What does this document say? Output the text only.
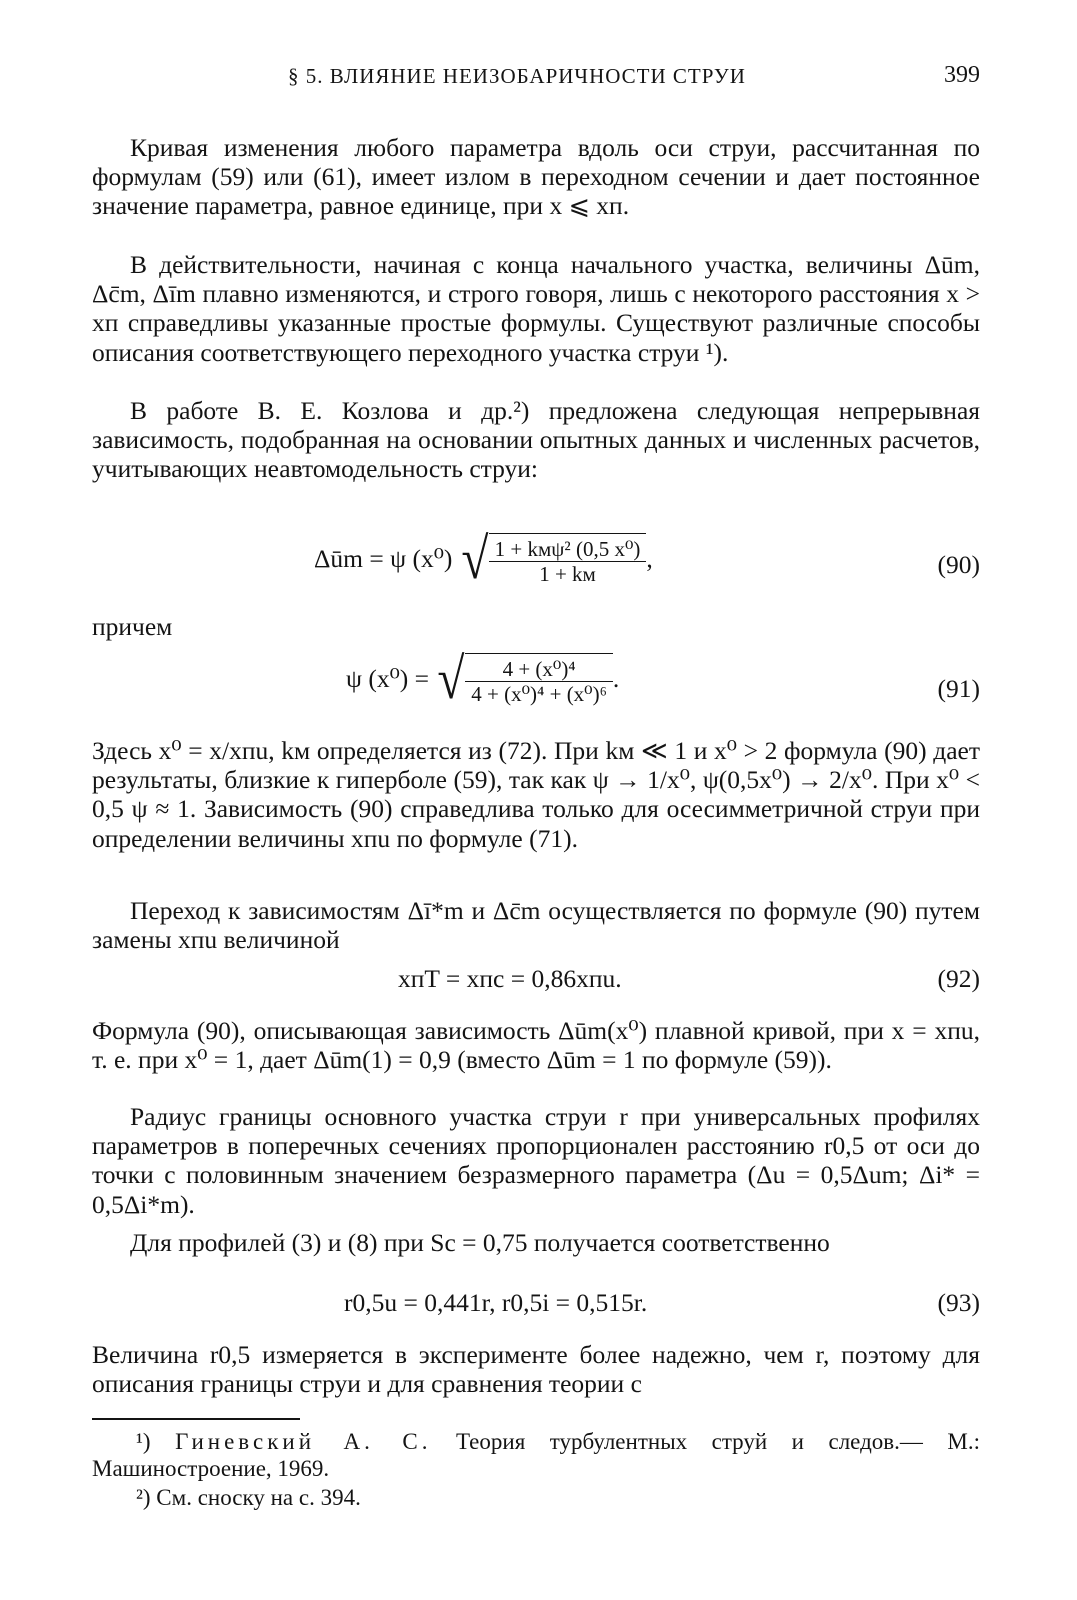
§ 5. ВЛИЯНИЕ НЕИЗОБАРИЧНОСТИ СТРУИ	399

Кривая изменения любого параметра вдоль оси струи, рассчитанная по формулам (59) или (61), имеет излом в переходном сечении и дает постоянное значение параметра, равное единице, при x ⩽ xп.

В действительности, начиная с конца начального участка, величины Δūm, Δc̄m, Δīm плавно изменяются, и строго говоря, лишь с некоторого расстояния x > xп справедливы указанные простые формулы. Существуют различные способы описания соответствующего переходного участка струи ¹).

В работе В. Е. Козлова и др.²) предложена следующая непрерывная зависимость, подобранная на основании опытных данных и численных расчетов, учитывающих неавтомодельность струи:

Δūm = ψ (x⁰) √ $\frac{\text{1 + kмψ² (0,5 x⁰)}}{1 + kм}$ ,	(90)

причем

ψ (x⁰) = √ $\frac{\text{4 + (x⁰)⁴}}{\text{4 + (x⁰)⁴ + (x⁰)⁶}}$ .	(91)

Здесь x⁰ = x/xпu, kм определяется из (72). При kм ≪ 1 и x⁰ > 2 формула (90) дает результаты, близкие к гиперболе (59), так как ψ → 1/x⁰, ψ(0,5x⁰) → 2/x⁰. При x⁰ < 0,5 ψ ≈ 1. Зависимость (90) справедлива только для осесимметричной струи при определении величины xпu по формуле (71).

Переход к зависимостям Δī*m и Δc̄m осуществляется по формуле (90) путем замены xпu величиной

xпT = xпс = 0,86xпu.	(92)

Формула (90), описывающая зависимость Δūm(x⁰) плавной кривой, при x = xпu, т. е. при x⁰ = 1, дает Δūm(1) = 0,9 (вместо Δūm = 1 по формуле (59)).

Радиус границы основного участка струи r при универсальных профилях параметров в поперечных сечениях пропорционален расстоянию r0,5 от оси до точки с половинным значением безразмерного параметра (Δu = 0,5Δum; Δi* = 0,5Δi*m).

Для профилей (3) и (8) при Sc = 0,75 получается соответственно

r0,5u = 0,441r, r0,5i = 0,515r.	(93)

Величина r0,5 измеряется в эксперименте более надежно, чем r, поэтому для описания границы струи и для сравнения теории с

¹) Гиневский А. С. Теория турбулентных струй и следов.— М.: Машиностроение, 1969.
²) См. сноску на с. 394.
